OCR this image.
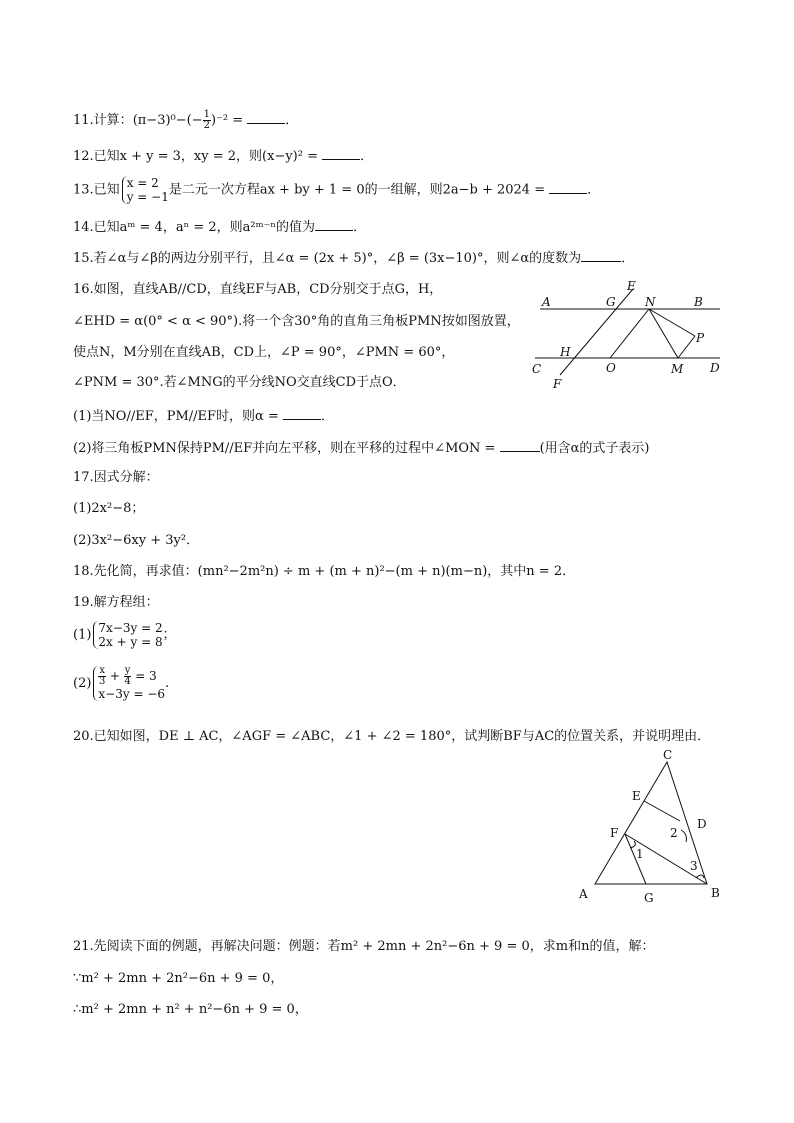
11.计算：$(\pi-3)^0-(- \frac{1}{2} )^{-2}$ =	．
12.已知x + y = 3，xy = 2，则(x−y)² =	．
13.已知 x = 2
y = −1 是二元一次方程ax + by + 1 = 0的一组解，则2a−b + 2024 =	．
14.已知aᵐ = 4，aⁿ = 2，则a²ᵐ⁻ⁿ的值为	．
15.若∠α与∠β的两边分别平行，且∠α = (2x + 5)°，∠β = (3x−10)°，则∠α的度数为	．
16.如图，直线AB//CD，直线EF与AB，CD分别交于点G，H，
∠EHD = α(0° < α < 90°).将一个含30°角的直角三角板PMN按如图放置，
使点N，M分别在直线AB，CD上，∠P = 90°，∠PMN = 60°，
∠PNM = 30°.若∠MNG的平分线NO交直线CD于点O．
(1)当NO//EF，PM//EF时，则α =	．
(2)将三角板PMN保持PM//EF并向左平移，则在平移的过程中∠MON =	(用含α的式子表示)
A	G
E
N	B
P
H
C	O	M D
F
17.因式分解：
(1)2x²−8；
(2)3x²−6xy + 3y²．
18.先化简，再求值：(mn²−2m²n) ÷ m + (m + n)²−(m + n)(m−n)，其中n = 2．
19.解方程组：
(1) 7x−3y = 2
2x + y = 8 ；
$(2) \frac{x}{3} + \frac{y}{4} = 3$
x−3y = −6
.
20.已知如图，DE ⊥ AC，∠AGF = ∠ABC，∠1 + ∠2 = 180°，试判断BF与AC的位置关系，并说明理由．
C
E
D
F	2
1
3
A	G	B
21.先阅读下面的例题，再解决问题：例题：若m² + 2mn + 2n²−6n + 9 = 0，求m和n的值，解：
∵m² + 2mn + 2n²−6n + 9 = 0，
∴m² + 2mn + n² + n²−6n + 9 = 0，
